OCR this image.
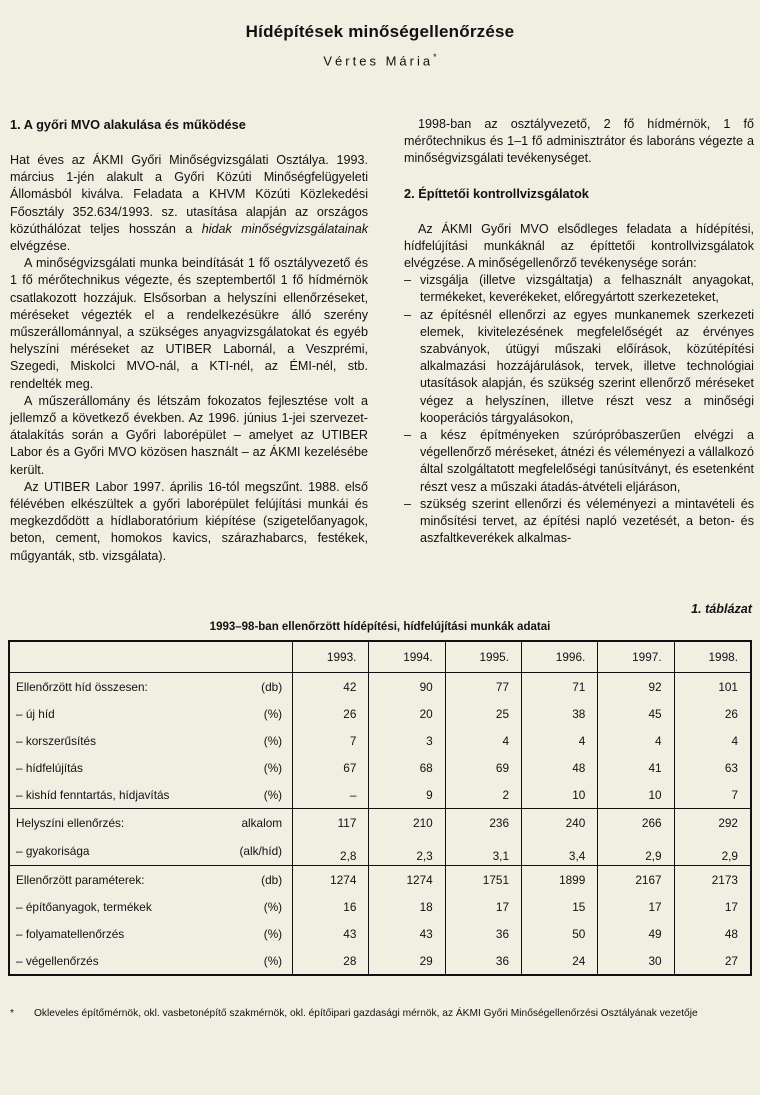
Hídépítések minőségellenőrzése
Vértes Mária*
1. A győri MVO alakulása és működése

Hat éves az ÁKMI Győri Minőségvizsgálati Osztálya. 1993. március 1-jén alakult a Győri Közúti Minőségfelügyeleti Állomásból kiválva. Feladata a KHVM Közúti Közlekedési Főosztály 352.634/1993. sz. utasítása alapján az országos közúthálózat teljes hosszán a hidak minőségvizsgálatainak elvégzése.

A minőségvizsgálati munka beindítását 1 fő osztályvezető és 1 fő mérőtechnikus végezte, és szeptembertől 1 fő hídmérnök csatlakozott hozzájuk. Elsősorban a helyszíni ellenőrzéseket, méréseket végezték el a rendelkezésükre álló szerény műszerállománnyal, a szükséges anyagvizsgálatokat és egyéb helyszíni méréseket az UTIBER Labornál, a Veszprémi, Szegedi, Miskolci MVO-nál, a KTI-nél, az ÉMI-nél, stb. rendelték meg.

A műszerállomány és létszám fokozatos fejlesztése volt a jellemző a következő években. Az 1996. június 1-jei szervezet-átalakítás során a Győri laborépület – amelyet az UTIBER Labor és a Győri MVO közösen használt – az ÁKMI kezelésébe került.

Az UTIBER Labor 1997. április 16-tól megszűnt. 1988. első félévében elkészültek a győri laborépület felújítási munkái és megkezdődött a hídlaboratórium kiépítése (szigetelőanyagok, beton, cement, homokos kavics, szárazhabarcs, festékek, műgyanták, stb. vizsgálata).

1998-ban az osztályvezető, 2 fő hídmérnök, 1 fő mérőtechnikus és 1–1 fő adminisztrátor és laboráns végezte a minőségvizsgálati tevékenységet.

2. Építtetői kontrollvizsgálatok

Az ÁKMI Győri MVO elsődleges feladata a hídépítési, hídfelújítási munkáknál az építtetői kontrollvizsgálatok elvégzése. A minőségellenőrző tevékenysége során:

– vizsgálja (illetve vizsgáltatja) a felhasznált anyagokat, termékeket, keverékeket, előregyártott szerkezeteket,
– az építésnél ellenőrzi az egyes munkanemek szerkezeti elemek, kivitelezésének megfelelőségét az érvényes szabványok, útügyi műszaki előírások, közútépítési alkalmazási hozzájárulások, tervek, illetve technológiai utasítások alapján, és szükség szerint ellenőrző méréseket végez a helyszínen, illetve részt vesz a minőségi kooperációs tárgyalásokon,
– a kész építményeken szúrópróbaszerűen elvégzi a végellenőrző méréseket, átnézi és véleményezi a vállalkozó által szolgáltatott megfelelőségi tanúsítványt, és esetenként részt vesz a műszaki átadás-átvételi eljáráson,
– szükség szerint ellenőrzi és véleményezi a mintavételi és minősítési tervet, az építési napló vezetését, a beton- és aszfaltkeverékek alkalmas-
1. táblázat
1993–98-ban ellenőrzött hídépítési, hídfelújítási munkák adatai
		1993.	1994.	1995.	1996.	1997.	1998.
Ellenőrzött híd összesen:	(db)	42	90	77	71	92	101
– új híd	(%)	26	20	25	38	45	26
– korszerűsítés	(%)	7	3	4	4	4	4
– hídfelújítás	(%)	67	68	69	48	41	63
– kishíd fenntartás, hídjavítás	(%)	–	9	2	10	10	7
Helyszíni ellenőrzés:	alkalom	117	210	236	240	266	292
– gyakorisága	(alk/híd)	2,8	2,3	3,1	3,4	2,9	2,9
Ellenőrzött paraméterek:	(db)	1274	1274	1751	1899	2167	2173
– építőanyagok, termékek	(%)	16	18	17	15	17	17
– folyamatellenőrzés	(%)	43	43	36	50	49	48
– végellenőrzés	(%)	28	29	36	24	30	27
* Okleveles építőmérnök, okl. vasbetonépítő szakmérnök, okl. építőipari gazdasági mérnök, az ÁKMI Győri Minőségellenőrzési Osztályának vezetője
